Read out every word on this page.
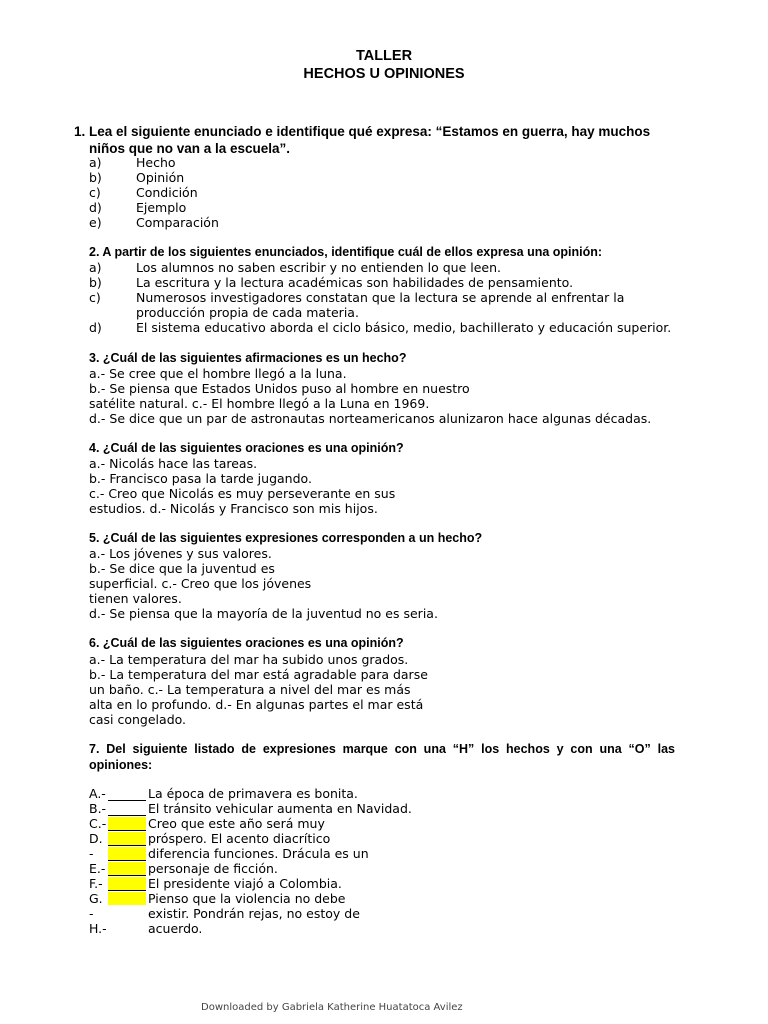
TALLER
HECHOS U OPINIONES
1. Lea el siguiente enunciado e identifique qué expresa: “Estamos en guerra, hay muchos niños que no van a la escuela”.
a)	Hecho
b)	Opinión
c)	Condición
d)	Ejemplo
e)	Comparación
2. A partir de los siguientes enunciados, identifique cuál de ellos expresa una opinión:
a)	Los alumnos no saben escribir y no entienden lo que leen.
b)	La escritura y la lectura académicas son habilidades de pensamiento.
c)	Numerosos investigadores constatan que la lectura se aprende al enfrentar la producción propia de cada materia.
d)	El sistema educativo aborda el ciclo básico, medio, bachillerato y educación superior.
3. ¿Cuál de las siguientes afirmaciones es un hecho?
a.- Se cree que el hombre llegó a la luna.
b.- Se piensa que Estados Unidos puso al hombre en nuestro
satélite natural. c.- El hombre llegó a la Luna en 1969.
d.- Se dice que un par de astronautas norteamericanos alunizaron hace algunas décadas.
4. ¿Cuál de las siguientes oraciones es una opinión?
a.- Nicolás hace las tareas.
b.- Francisco pasa la tarde jugando.
c.- Creo que Nicolás es muy perseverante en sus
estudios. d.- Nicolás y Francisco son mis hijos.
5. ¿Cuál de las siguientes expresiones corresponden a un hecho?
a.- Los jóvenes y sus valores.
b.- Se dice que la juventud es
superficial. c.- Creo que los jóvenes
tienen valores.
d.- Se piensa que la mayoría de la juventud no es seria.
6. ¿Cuál de las siguientes oraciones es una opinión?
a.- La temperatura del mar ha subido unos grados.
b.- La temperatura del mar está agradable para darse
un baño. c.- La temperatura a nivel del mar es más
alta en lo profundo. d.- En algunas partes el mar está
casi congelado.
7. Del siguiente listado de expresiones marque con una “H” los hechos y con una “O” las opiniones:
A.-	La época de primavera es bonita.
B.-	El tránsito vehicular aumenta en Navidad.
C.-	Creo que este año será muy
D.	próspero. El acento diacrítico
-	diferencia funciones. Drácula es un
E.-	personaje de ficción.
F.-	El presidente viajó a Colombia.
G.	Pienso que la violencia no debe
-	existir. Pondrán rejas, no estoy de
H.-	acuerdo.
Downloaded by Gabriela Katherine Huatatoca Avilez
